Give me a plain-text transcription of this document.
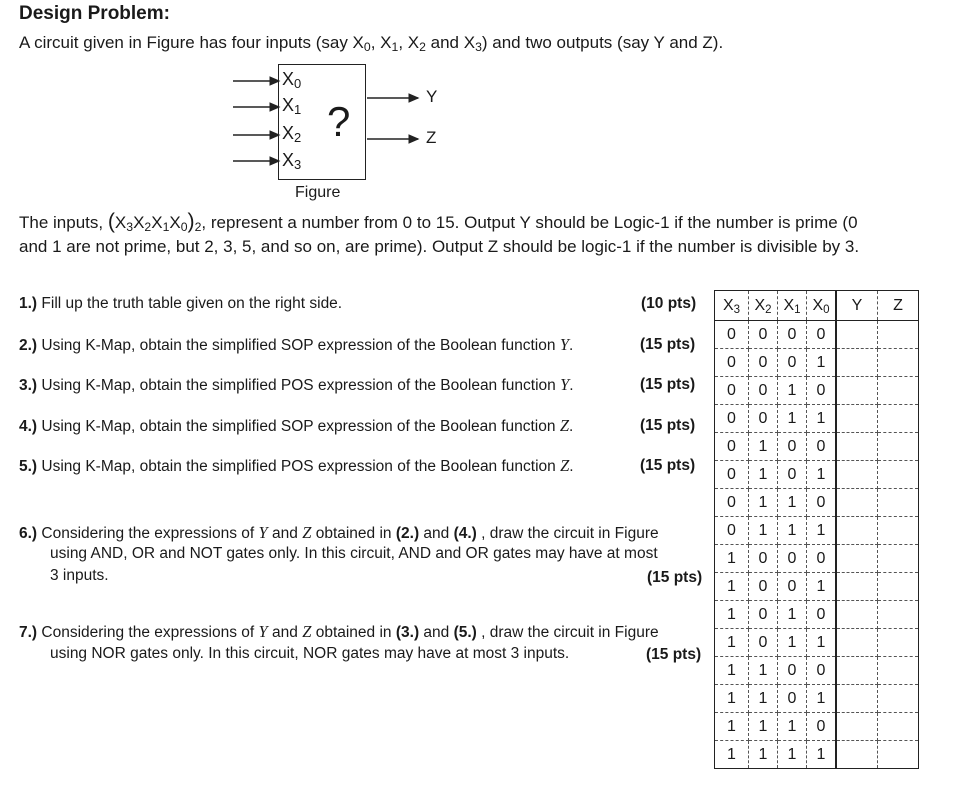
Design Problem:
A circuit given in Figure has four inputs (say $X_0$, $X_1$, $X_2$ and $X_3$) and two outputs (say Y and Z).
$X_0$
$X_1$
$X_2$
$X_3$
?
Y
Z
Figure
The inputs, $(X_3X_2X_1X_0)_2$, represent a number from 0 to 15. Output Y should be Logic-1 if the number is prime (0
and 1 are not prime, but 2, 3, 5, and so on, are prime). Output Z should be logic-1 if the number is divisible by 3.
1.) Fill up the truth table given on the right side.	(10 pts)
2.) Using K-Map, obtain the simplified SOP expression of the Boolean function Y.	(15 pts)
3.) Using K-Map, obtain the simplified POS expression of the Boolean function Y.	(15 pts)
4.) Using K-Map, obtain the simplified SOP expression of the Boolean function Z.	(15 pts)
5.) Using K-Map, obtain the simplified POS expression of the Boolean function Z.	(15 pts)
6.) Considering the expressions of Y and Z obtained in (2.) and (4.) , draw the circuit in Figure
using AND, OR and NOT gates only. In this circuit, AND and OR gates may have at most
3 inputs.	(15 pts)
7.) Considering the expressions of Y and Z obtained in (3.) and (5.) , draw the circuit in Figure
using NOR gates only. In this circuit, NOR gates may have at most 3 inputs.	(15 pts)
$X_3$	$X_2$	$X_1$	$X_0$	Y	Z
0	0	0	0		
0	0	0	1		
0	0	1	0		
0	0	1	1		
0	1	0	0		
0	1	0	1		
0	1	1	0		
0	1	1	1		
1	0	0	0		
1	0	0	1		
1	0	1	0		
1	0	1	1		
1	1	0	0		
1	1	0	1		
1	1	1	0		
1	1	1	1		
